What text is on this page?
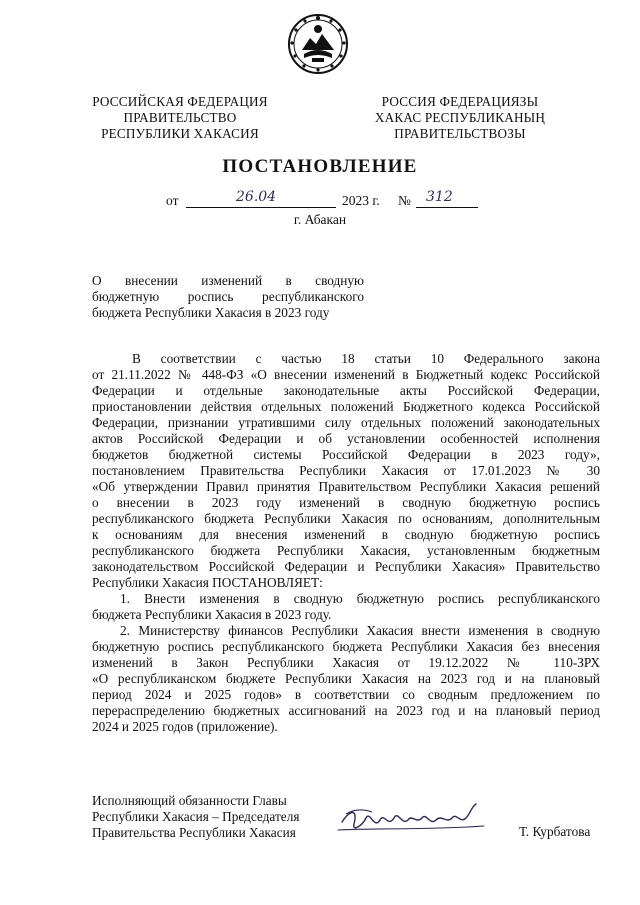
РОССИЙСКАЯ ФЕДЕРАЦИЯ
ПРАВИТЕЛЬСТВО
РЕСПУБЛИКИ ХАКАСИЯ
РОССИЯ ФЕДЕРАЦИЯЗЫ
ХАКАС РЕСПУБЛИКАНЫҢ
ПРАВИТЕЛЬСТВОЗЫ
ПОСТАНОВЛЕНИЕ
от	26.04	2023 г. № 312
г. Абакан
О внесении изменений в сводную
бюджетную роспись республиканского
бюджета Республики Хакасия в 2023 году
В соответствии с частью 18 статьи 10 Федерального закона
от 21.11.2022 № 448-ФЗ «О внесении изменений в Бюджетный кодекс Российской
Федерации и отдельные законодательные акты Российской Федерации,
приостановлении действия отдельных положений Бюджетного кодекса Российской
Федерации, признании утратившими силу отдельных положений законодательных
актов Российской Федерации и об установлении особенностей исполнения
бюджетов бюджетной системы Российской Федерации в 2023 году»,
постановлением Правительства Республики Хакасия от 17.01.2023 № 30
«Об утверждении Правил принятия Правительством Республики Хакасия решений
о внесении в 2023 году изменений в сводную бюджетную роспись
республиканского бюджета Республики Хакасия по основаниям, дополнительным
к основаниям для внесения изменений в сводную бюджетную роспись
республиканского бюджета Республики Хакасия, установленным бюджетным
законодательством Российской Федерации и Республики Хакасия» Правительство
Республики Хакасия ПОСТАНОВЛЯЕТ:
1. Внести изменения в сводную бюджетную роспись республиканского
бюджета Республики Хакасия в 2023 году.
2. Министерству финансов Республики Хакасия внести изменения в сводную
бюджетную роспись республиканского бюджета Республики Хакасия без внесения
изменений в Закон Республики Хакасия от 19.12.2022 № 110-ЗРХ
«О республиканском бюджете Республики Хакасия на 2023 год и на плановый
период 2024 и 2025 годов» в соответствии со сводным предложением по
перераспределению бюджетных ассигнований на 2023 год и на плановый период
2024 и 2025 годов (приложение).
Исполняющий обязанности Главы
Республики Хакасия – Председателя
Правительства Республики Хакасия	Т. Курбатова
